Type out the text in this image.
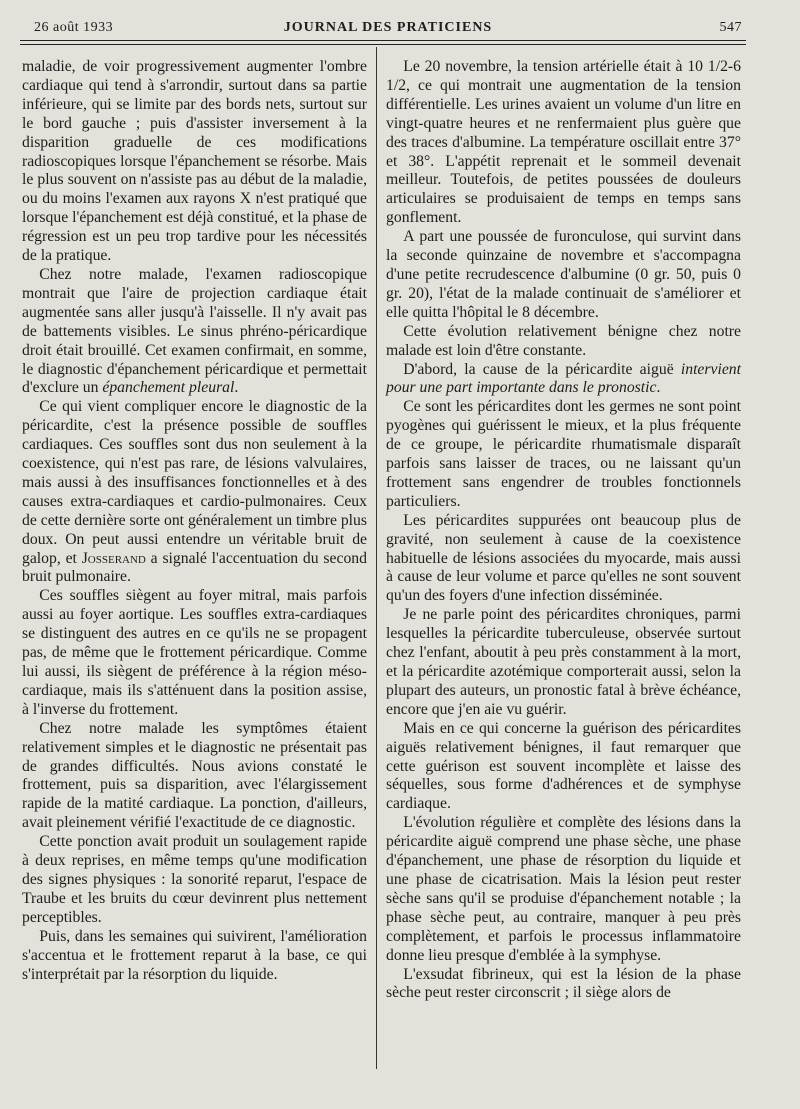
26 août 1933	JOURNAL DES PRATICIENS	547

maladie, de voir progressivement augmenter l'ombre cardiaque qui tend à s'arrondir, surtout dans sa partie inférieure, qui se limite par des bords nets, surtout sur le bord gauche ; puis d'assister inversement à la disparition graduelle de ces modifications radioscopiques lorsque l'épanchement se résorbe. Mais le plus souvent on n'assiste pas au début de la maladie, ou du moins l'examen aux rayons X n'est pratiqué que lorsque l'épanchement est déjà constitué, et la phase de régression est un peu trop tardive pour les nécessités de la pratique.

Chez notre malade, l'examen radioscopique montrait que l'aire de projection cardiaque était augmentée sans aller jusqu'à l'aisselle. Il n'y avait pas de battements visibles. Le sinus phréno-péricardique droit était brouillé. Cet examen confirmait, en somme, le diagnostic d'épanchement péricardique et permettait d'exclure un épanchement pleural.

Ce qui vient compliquer encore le diagnostic de la péricardite, c'est la présence possible de souffles cardiaques. Ces souffles sont dus non seulement à la coexistence, qui n'est pas rare, de lésions valvulaires, mais aussi à des insuffisances fonctionnelles et à des causes extra-cardiaques et cardio-pulmonaires. Ceux de cette dernière sorte ont généralement un timbre plus doux. On peut aussi entendre un véritable bruit de galop, et Josserand a signalé l'accentuation du second bruit pulmonaire.

Ces souffles siègent au foyer mitral, mais parfois aussi au foyer aortique. Les souffles extra-cardiaques se distinguent des autres en ce qu'ils ne se propagent pas, de même que le frottement péricardique. Comme lui aussi, ils siègent de préférence à la région méso-cardiaque, mais ils s'atténuent dans la position assise, à l'inverse du frottement.

Chez notre malade les symptômes étaient relativement simples et le diagnostic ne présentait pas de grandes difficultés. Nous avions constaté le frottement, puis sa disparition, avec l'élargissement rapide de la matité cardiaque. La ponction, d'ailleurs, avait pleinement vérifié l'exactitude de ce diagnostic.

Cette ponction avait produit un soulagement rapide à deux reprises, en même temps qu'une modification des signes physiques : la sonorité reparut, l'espace de Traube et les bruits du cœur devinrent plus nettement perceptibles.

Puis, dans les semaines qui suivirent, l'amélioration s'accentua et le frottement reparut à la base, ce qui s'interprétait par la résorption du liquide.

Le 20 novembre, la tension artérielle était à 10 1/2-6 1/2, ce qui montrait une augmentation de la tension différentielle. Les urines avaient un volume d'un litre en vingt-quatre heures et ne renfermaient plus guère que des traces d'albumine. La température oscillait entre 37° et 38°. L'appétit reprenait et le sommeil devenait meilleur. Toutefois, de petites poussées de douleurs articulaires se produisaient de temps en temps sans gonflement.

A part une poussée de furonculose, qui survint dans la seconde quinzaine de novembre et s'accompagna d'une petite recrudescence d'albumine (0 gr. 50, puis 0 gr. 20), l'état de la malade continuait de s'améliorer et elle quitta l'hôpital le 8 décembre.

Cette évolution relativement bénigne chez notre malade est loin d'être constante.

D'abord, la cause de la péricardite aiguë intervient pour une part importante dans le pronostic.

Ce sont les péricardites dont les germes ne sont point pyogènes qui guérissent le mieux, et la plus fréquente de ce groupe, le péricardite rhumatismale disparaît parfois sans laisser de traces, ou ne laissant qu'un frottement sans engendrer de troubles fonctionnels particuliers.

Les péricardites suppurées ont beaucoup plus de gravité, non seulement à cause de la coexistence habituelle de lésions associées du myocarde, mais aussi à cause de leur volume et parce qu'elles ne sont souvent qu'un des foyers d'une infection disséminée.

Je ne parle point des péricardites chroniques, parmi lesquelles la péricardite tuberculeuse, observée surtout chez l'enfant, aboutit à peu près constamment à la mort, et la péricardite azotémique comporterait aussi, selon la plupart des auteurs, un pronostic fatal à brève échéance, encore que j'en aie vu guérir.

Mais en ce qui concerne la guérison des péricardites aiguës relativement bénignes, il faut remarquer que cette guérison est souvent incomplète et laisse des séquelles, sous forme d'adhérences et de symphyse cardiaque.

L'évolution régulière et complète des lésions dans la péricardite aiguë comprend une phase sèche, une phase d'épanchement, une phase de résorption du liquide et une phase de cicatrisation. Mais la lésion peut rester sèche sans qu'il se produise d'épanchement notable ; la phase sèche peut, au contraire, manquer à peu près complètement, et parfois le processus inflammatoire donne lieu presque d'emblée à la symphyse.

L'exsudat fibrineux, qui est la lésion de la phase sèche peut rester circonscrit ; il siège alors de
